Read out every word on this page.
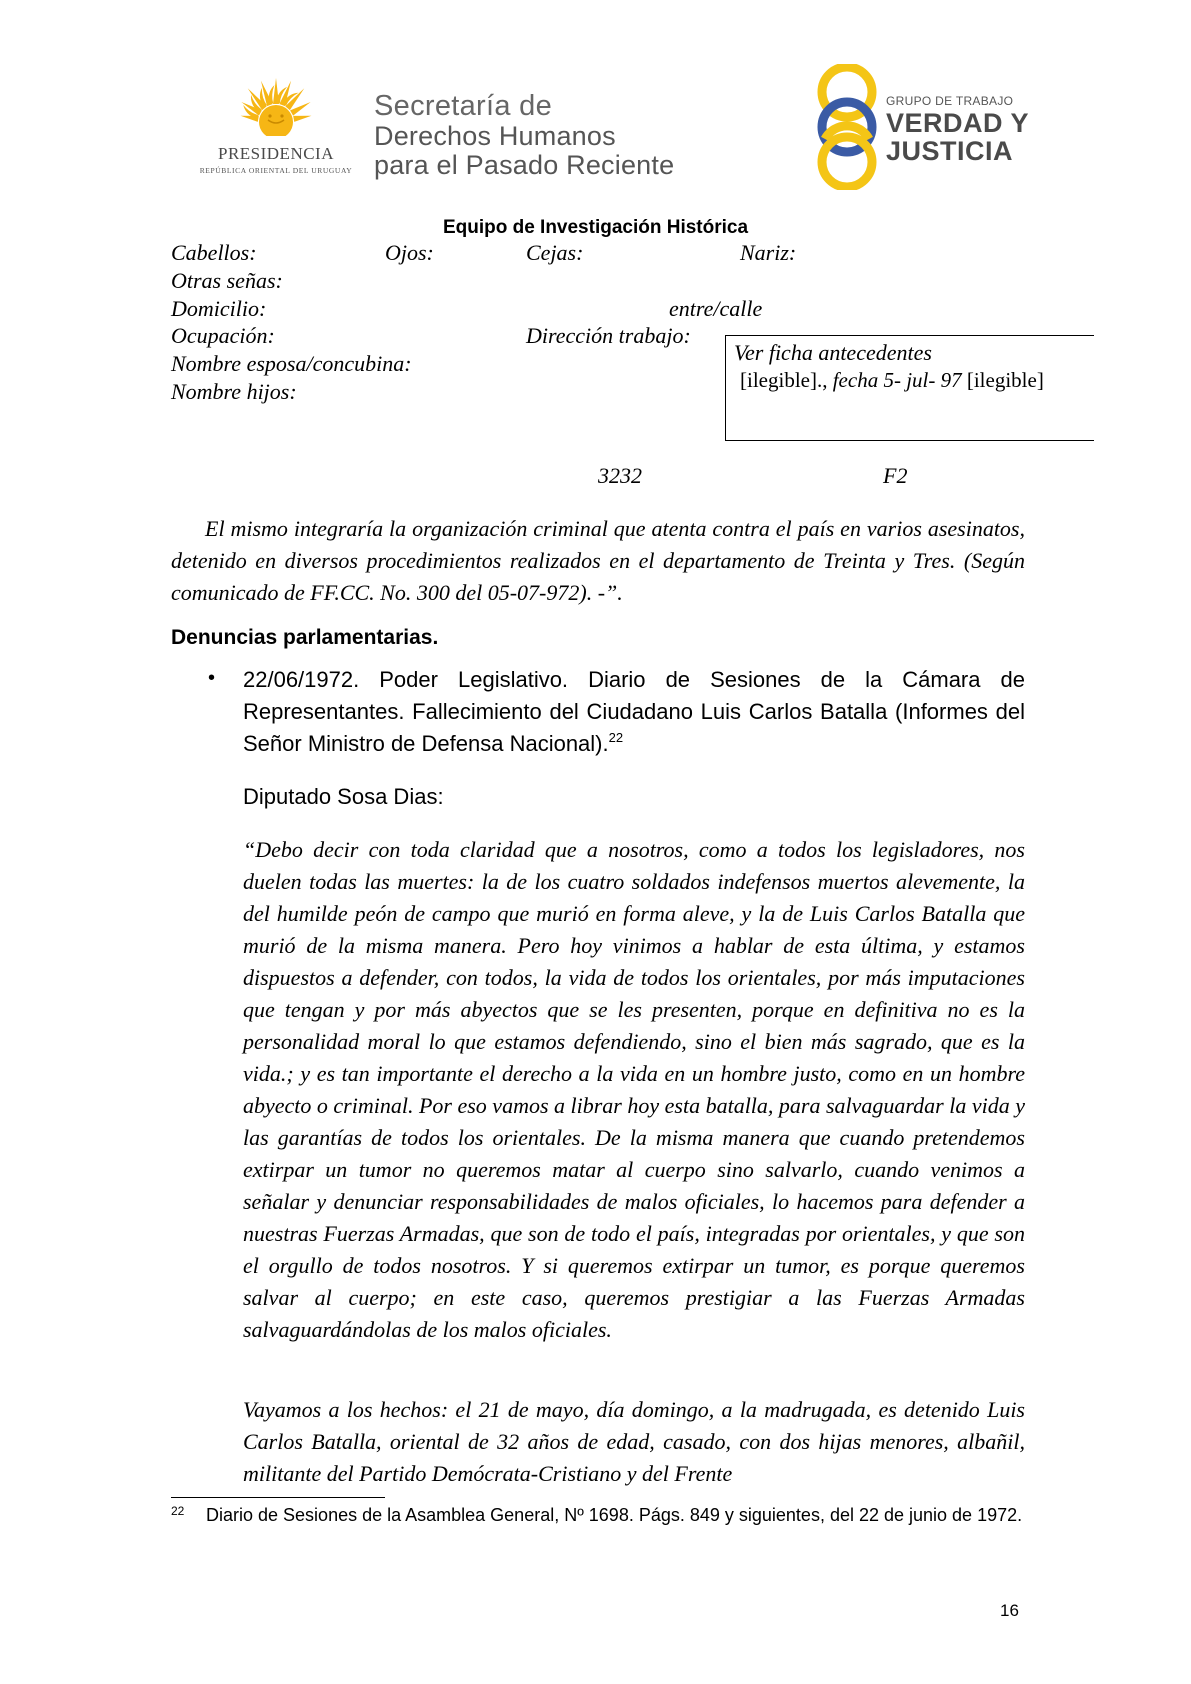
PRESIDENCIA
REPÚBLICA ORIENTAL DEL URUGUAY
Secretaría de
Derechos Humanos
para el Pasado Reciente
GRUPO DE TRABAJO
VERDAD Y
JUSTICIA
Equipo de Investigación Histórica
Cabellos:	Ojos:	Cejas:	Nariz:
Otras señas:
Domicilio:	entre/calle
Ocupación:	Dirección trabajo:
Nombre esposa/concubina:
Nombre hijos:
Ver ficha antecedentes
[ilegible]., fecha 5- jul- 97 [ilegible]
3232	F2
El mismo integraría la organización criminal que atenta contra el país en varios asesinatos, detenido en diversos procedimientos realizados en el departamento de Treinta y Tres. (Según comunicado de FF.CC. No. 300 del 05-07-972). -”.
Denuncias parlamentarias.
• 22/06/1972. Poder Legislativo. Diario de Sesiones de la Cámara de Representantes. Fallecimiento del Ciudadano Luis Carlos Batalla (Informes del Señor Ministro de Defensa Nacional).$^{22}$
Diputado Sosa Dias:
“Debo decir con toda claridad que a nosotros, como a todos los legisladores, nos duelen todas las muertes: la de los cuatro soldados indefensos muertos alevemente, la del humilde peón de campo que murió en forma aleve, y la de Luis Carlos Batalla que murió de la misma manera. Pero hoy vinimos a hablar de esta última, y estamos dispuestos a defender, con todos, la vida de todos los orientales, por más imputaciones que tengan y por más abyectos que se les presenten, porque en definitiva no es la personalidad moral lo que estamos defendiendo, sino el bien más sagrado, que es la vida.; y es tan importante el derecho a la vida en un hombre justo, como en un hombre abyecto o criminal. Por eso vamos a librar hoy esta batalla, para salvaguardar la vida y las garantías de todos los orientales. De la misma manera que cuando pretendemos extirpar un tumor no queremos matar al cuerpo sino salvarlo, cuando venimos a señalar y denunciar responsabilidades de malos oficiales, lo hacemos para defender a nuestras Fuerzas Armadas, que son de todo el país, integradas por orientales, y que son el orgullo de todos nosotros. Y si queremos extirpar un tumor, es porque queremos salvar al cuerpo; en este caso, queremos prestigiar a las Fuerzas Armadas salvaguardándolas de los malos oficiales.
Vayamos a los hechos: el 21 de mayo, día domingo, a la madrugada, es detenido Luis Carlos Batalla, oriental de 32 años de edad, casado, con dos hijas menores, albañil, militante del Partido Demócrata-Cristiano y del Frente
22 Diario de Sesiones de la Asamblea General, Nº 1698. Págs. 849 y siguientes, del 22 de junio de 1972.
16
